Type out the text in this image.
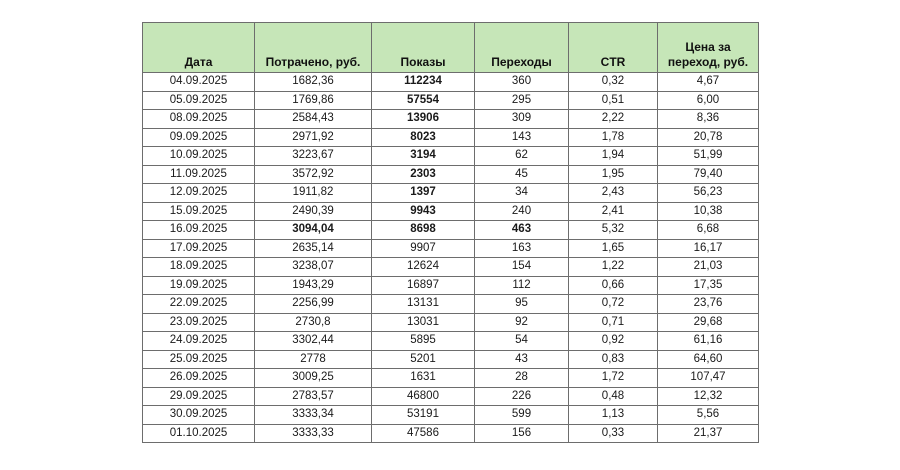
Дата	Потрачено, руб.	Показы	Переходы	CTR	Цена за переход, руб.
04.09.2025	1682,36	112234	360	0,32	4,67
05.09.2025	1769,86	57554	295	0,51	6,00
08.09.2025	2584,43	13906	309	2,22	8,36
09.09.2025	2971,92	8023	143	1,78	20,78
10.09.2025	3223,67	3194	62	1,94	51,99
11.09.2025	3572,92	2303	45	1,95	79,40
12.09.2025	1911,82	1397	34	2,43	56,23
15.09.2025	2490,39	9943	240	2,41	10,38
16.09.2025	3094,04	8698	463	5,32	6,68
17.09.2025	2635,14	9907	163	1,65	16,17
18.09.2025	3238,07	12624	154	1,22	21,03
19.09.2025	1943,29	16897	112	0,66	17,35
22.09.2025	2256,99	13131	95	0,72	23,76
23.09.2025	2730,8	13031	92	0,71	29,68
24.09.2025	3302,44	5895	54	0,92	61,16
25.09.2025	2778	5201	43	0,83	64,60
26.09.2025	3009,25	1631	28	1,72	107,47
29.09.2025	2783,57	46800	226	0,48	12,32
30.09.2025	3333,34	53191	599	1,13	5,56
01.10.2025	3333,33	47586	156	0,33	21,37
